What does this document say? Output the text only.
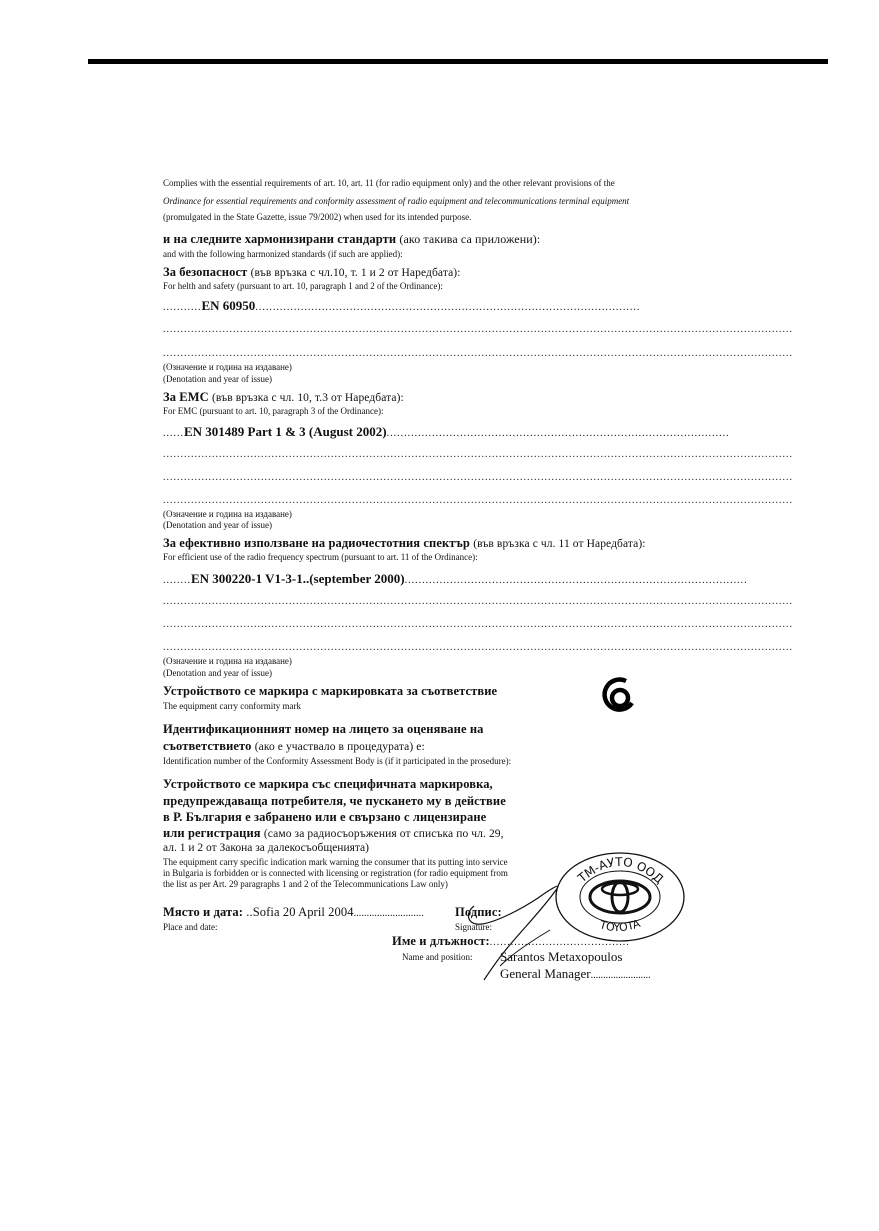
Complies with the essential requirements of art. 10, art. 11 (for radio equipment only) and the other relevant provisions of the
Ordinance for essential requirements and conformity assessment of radio equipment and telecommunications terminal equipment
(promulgated in the State Gazette, issue 79/2002) when used for its intended purpose.
и на следните хармонизирани стандарти (ако такива са приложени):
and with the following harmonized standards (if such are applied):
За безопасност (във връзка с чл.10, т. 1 и 2 от Наредбата):
For helth and safety (pursuant to art. 10, paragraph 1 and 2 of the Ordinance):
...........EN 60950..............................................................................................................
....................................................................................................................................................................................
....................................................................................................................................................................................
(Означение и година на издаване)
(Denotation and year of issue)
За ЕМС (във връзка с чл. 10, т.3 от Наредбата):
For EMC (pursuant to art. 10, paragraph 3 of the Ordinance):
......EN 301489 Part 1 & 3 (August 2002)..................................................................................................
....................................................................................................................................................................................
....................................................................................................................................................................................
....................................................................................................................................................................................
(Означение и година на издаване)
(Denotation and year of issue)
За ефективно използване на радиочестотния спектър (във връзка с чл. 11 от Наредбата):
For efficient use of the radio frequency spectrum (pursuant to art. 11 of the Ordinance):
........EN 300220-1 V1-3-1..(september 2000)..................................................................................................
....................................................................................................................................................................................
....................................................................................................................................................................................
....................................................................................................................................................................................
(Означение и година на издаване)
(Denotation and year of issue)
Устройството се маркира с маркировката за съответствие
The equipment carry conformity mark
Идентификационният номер на лицето за оценяване на
съответствието (ако е участвало в процедурата) е:
Identification number of the Conformity Assessment Body is (if it participated in the prosedure):
Устройството се маркира със специфичната маркировка,
предупреждаваща потребителя, че пускането му в действие
в Р. България е забранено или е свързано с лицензиране
или регистрация (само за радиосъоръжения от списъка по чл. 29,
ал. 1 и 2 от Закона за далекосъобщенията)
The equipment carry specific indication mark warning the consumer that its putting into service
in Bulgaria is forbidden or is connected with licensing or registration (for radio equipment from
the list as per Art. 29 paragraphs 1 and 2 of the Telecommunications Law only)	ТМ-АУТО ООД
TOYOTA
Място и дата: ..Sofia 20 April 2004...........................
Place and date:
Подпис:
Signature:
Име и длъжност:........................................
Name and position: Sarantos Metaxopoulos
General Manager........................
